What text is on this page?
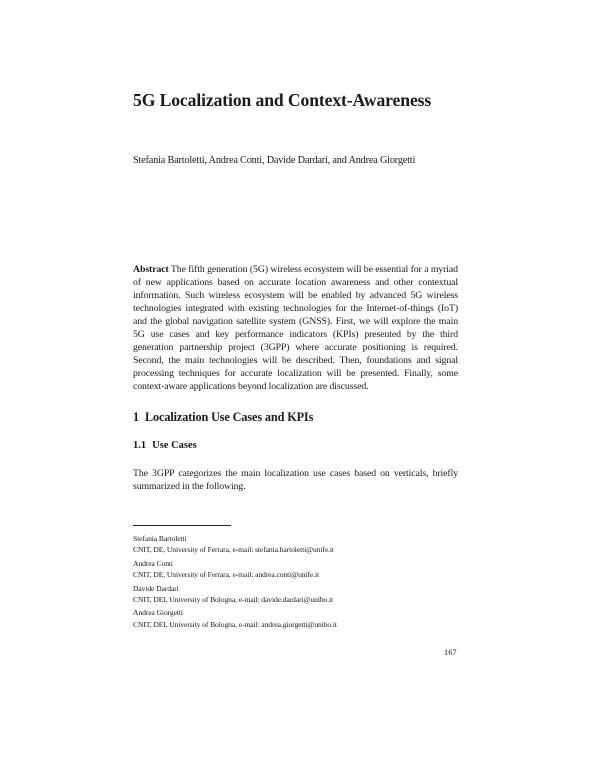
5G Localization and Context-Awareness

Stefania Bartoletti, Andrea Conti, Davide Dardari, and Andrea Giorgetti

Abstract The fifth generation (5G) wireless ecosystem will be essential for a myriad of new applications based on accurate location awareness and other contextual information. Such wireless ecosystem will be enabled by advanced 5G wireless technologies integrated with existing technologies for the Internet-of-things (IoT) and the global navigation satellite system (GNSS). First, we will explore the main 5G use cases and key performance indicators (KPIs) presented by the third generation partnership project (3GPP) where accurate positioning is required. Second, the main technologies will be described. Then, foundations and signal processing techniques for accurate localization will be presented. Finally, some context-aware applications beyond localization are discussed.

1 Localization Use Cases and KPIs
1.1 Use Cases

The 3GPP categorizes the main localization use cases based on verticals, briefly summarized in the following.

Stefania Bartoletti
CNIT, DE, University of Ferrara, e-mail: stefania.bartoletti@unife.it
Andrea Conti
CNIT, DE, University of Ferrara, e-mail: andrea.conti@unife.it
Davide Dardari
CNIT, DEI, University of Bologna, e-mail: davide.dardari@unibo.it
Andrea Giorgetti
CNIT, DEI, University of Bologna, e-mail: andrea.giorgetti@unibo.it
167
